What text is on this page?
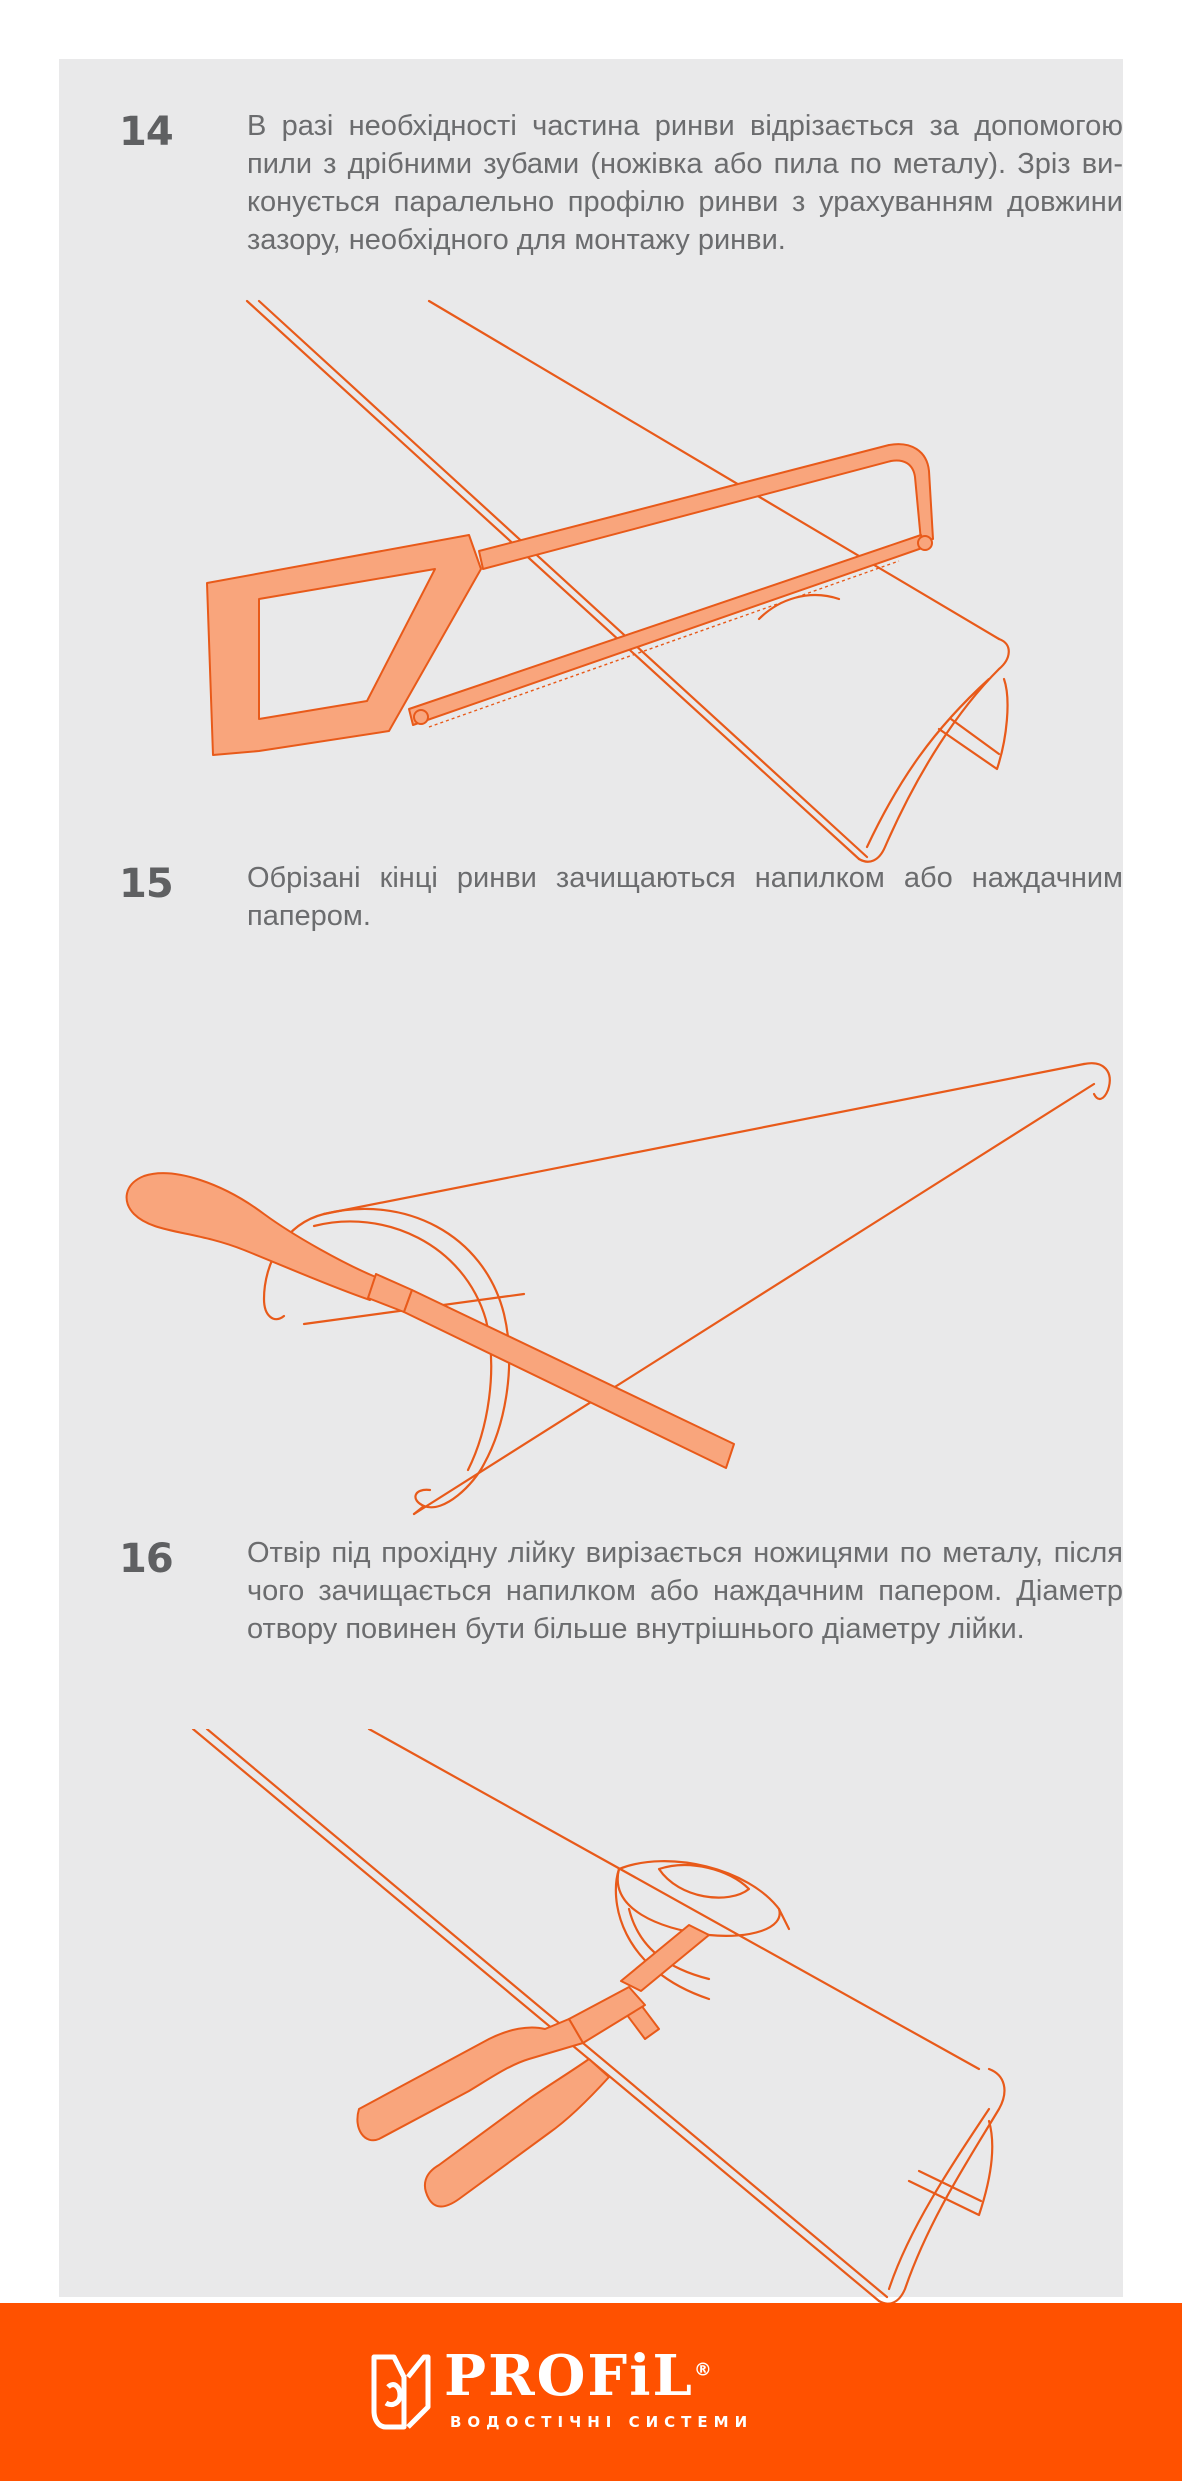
14	В разі необхідності частина ринви відрізається за допомогою пили з дрібними зубами (ножівка або пила по металу). Зріз виконується паралельно профілю ринви з урахуванням довжини зазору, необхідного для монтажу ринви.
15	Обрізані кінці ринви зачищаються напилком або наждачним папером.
16	Отвір під прохідну лійку вирізається ножицями по металу, після чого зачищається напилком або наждачним папером. Діаметр отвору повинен бути більше внутрішнього діаметру лійки.
PROFiL®
ВОДОСТІЧНІ СИСТЕМИ
